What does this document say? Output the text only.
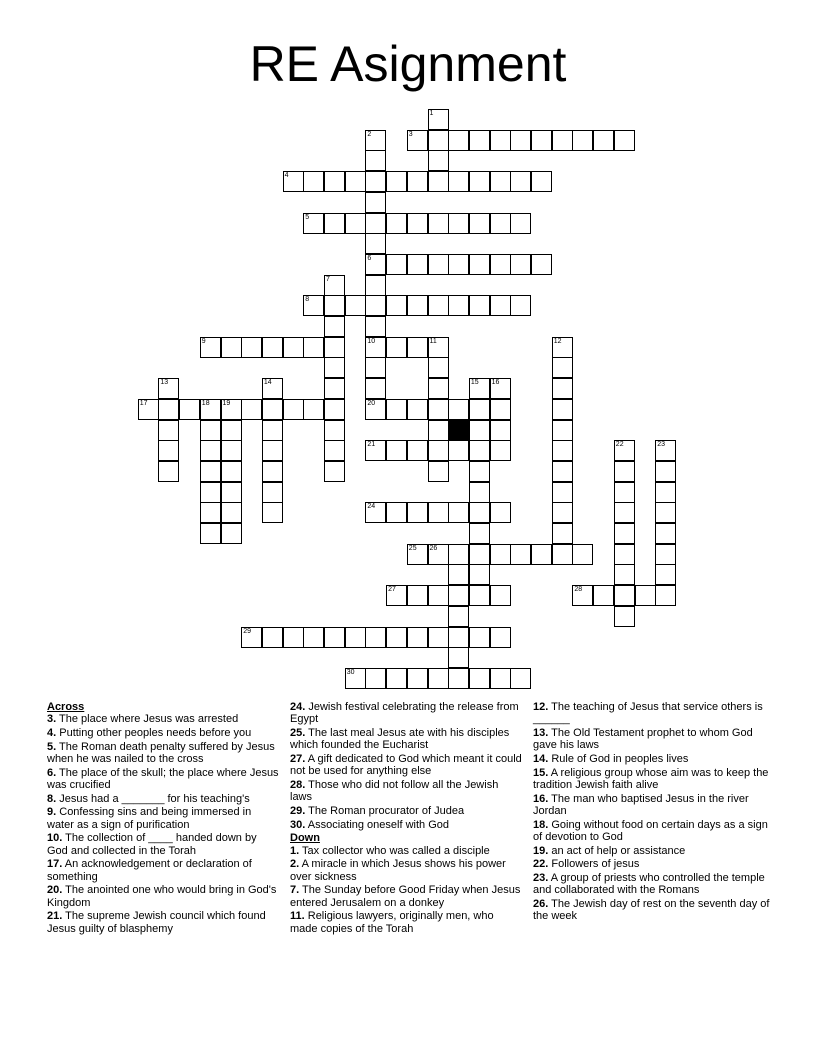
RE Asignment
1
2	3
4
5
6
7
8
9	10	11	12
13	14	15 16
17	18 19	20
21	22	23
24
25 26
27	28
29
30
Across
3. The place where Jesus was arrested
4. Putting other peoples needs before you
5. The Roman death penalty suffered by Jesus when he was nailed to the cross
6. The place of the skull; the place where Jesus was crucified
8. Jesus had a _______ for his teaching's
9. Confessing sins and being immersed in water as a sign of purification
10. The collection of ____ handed down by God and collected in the Torah
17. An acknowledgement or declaration of something
20. The anointed one who would bring in God's Kingdom
21. The supreme Jewish council which found Jesus guilty of blasphemy
24. Jewish festival celebrating the release from Egypt
25. The last meal Jesus ate with his disciples which founded the Eucharist
27. A gift dedicated to God which meant it could not be used for anything else
28. Those who did not follow all the Jewish laws
29. The Roman procurator of Judea
30. Associating oneself with God
Down
1. Tax collector who was called a disciple
2. A miracle in which Jesus shows his power over sickness
7. The Sunday before Good Friday when Jesus entered Jerusalem on a donkey
11. Religious lawyers, originally men, who made copies of the Torah
12. The teaching of Jesus that service others is ______
13. The Old Testament prophet to whom God gave his laws
14. Rule of God in peoples lives
15. A religious group whose aim was to keep the tradition Jewish faith alive
16. The man who baptised Jesus in the river Jordan
18. Going without food on certain days as a sign of devotion to God
19. an act of help or assistance
22. Followers of jesus
23. A group of priests who controlled the temple and collaborated with the Romans
26. The Jewish day of rest on the seventh day of the week
